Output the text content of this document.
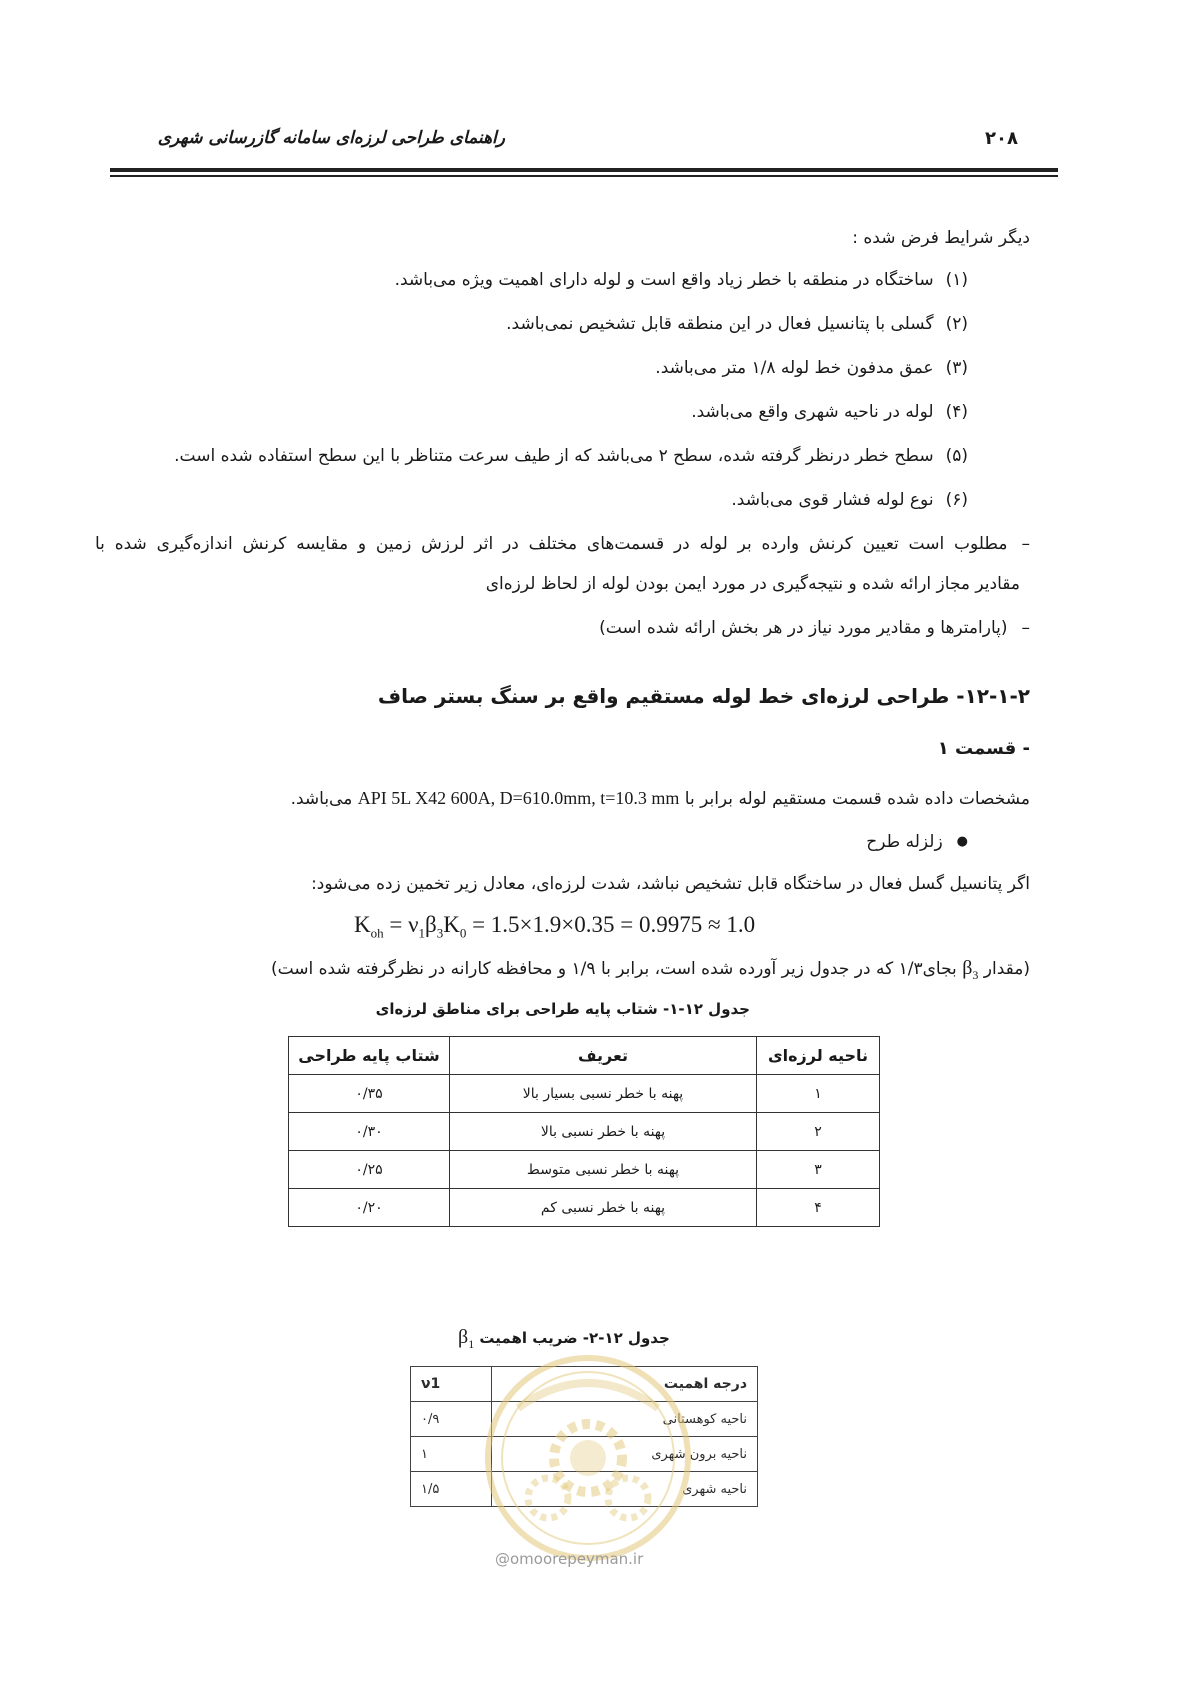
راهنمای طراحی لرزه‌ای سامانه گازرسانی شهری	۲۰۸
دیگر شرایط فرض شده :
(۱)ساختگاه در منطقه با خطر زیاد واقع است و لوله دارای اهمیت ویژه می‌باشد.
(۲)گسلی با پتانسیل فعال در این منطقه قابل تشخیص نمی‌باشد.
(۳)عمق مدفون خط لوله ۱/۸ متر می‌باشد.
(۴)لوله در ناحیه شهری واقع می‌باشد.
(۵)سطح خطر درنظر گرفته شده، سطح ۲ می‌باشد که از طیف سرعت متناظر با این سطح استفاده شده است.
(۶)نوع لوله فشار قوی می‌باشد.
–مطلوب است تعیین کرنش وارده بر لوله در قسمت‌های مختلف در اثر لرزش زمین و مقایسه کرنش اندازه‌گیری شده با
مقادیر مجاز ارائه شده و نتیجه‌گیری در مورد ایمن بودن لوله از لحاظ لرزه‌ای
–(پارامترها و مقادیر مورد نیاز در هر بخش ارائه شده است)
۱۲-۱-۲- طراحی لرزه‌ای خط لوله مستقیم واقع بر سنگ بستر صاف
- قسمت ۱
مشخصات داده شده قسمت مستقیم لوله برابر با API 5L X42 600A, D=610.0mm, t=10.3 mm می‌باشد.
●زلزله طرح
اگر پتانسیل گسل فعال در ساختگاه قابل تشخیص نباشد، شدت لرزه‌ای، معادل زیر تخمین زده می‌شود:
$K_{oh} = \nu_1\beta_3K_0 = 1.5\times 1.9\times 0.35 = 0.9975 \approx 1.0$
(مقدار $\beta_3$ بجای۱/۳ که در جدول زیر آورده شده است، برابر با ۱/۹ و محافظه کارانه در نظرگرفته شده است)
جدول ۱۲-۱- شتاب پایه طراحی برای مناطق لرزه‌ای
ناحیه لرزه‌ای	تعریف	شتاب پایه طراحی
۱	پهنه با خطر نسبی بسیار بالا	۰/۳۵
۲	پهنه با خطر نسبی بالا	۰/۳۰
۳	پهنه با خطر نسبی متوسط	۰/۲۵
۴	پهنه با خطر نسبی کم	۰/۲۰
جدول ۱۲-۲- ضریب اهمیت $\beta_1$
درجه اهمیت	ν1
ناحیه کوهستانی	۰/۹
ناحیه برون شهری	۱
ناحیه شهری	۱/۵
@omoorepeyman.ir
